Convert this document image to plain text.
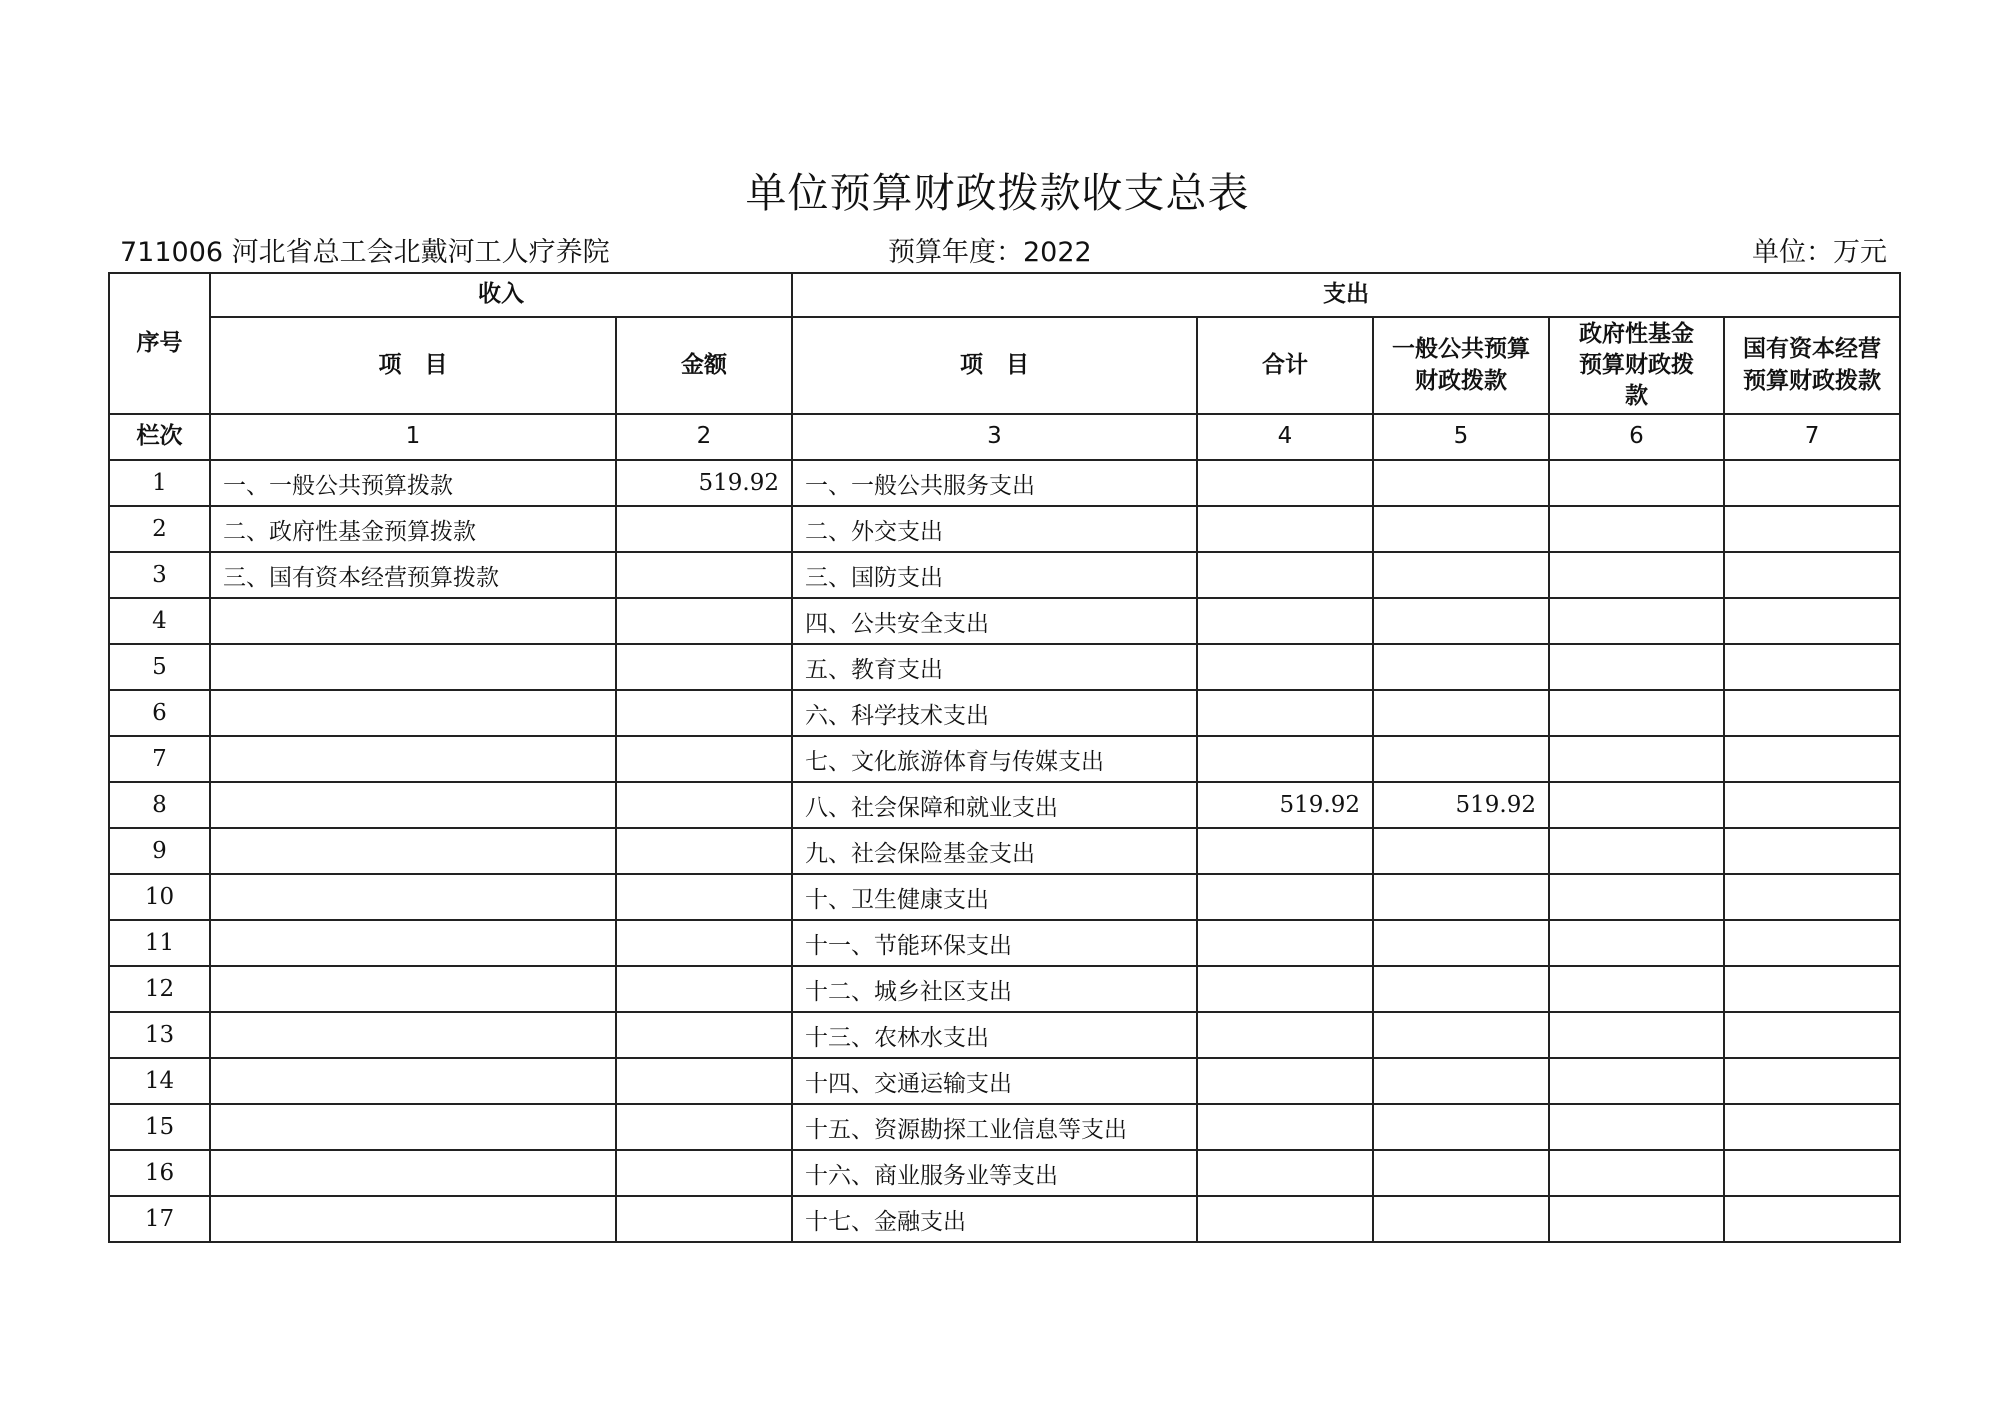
单位预算财政拨款收支总表
711006 河北省总工会北戴河工人疗养院	预算年度：2022	单位：万元
序号	收入		支出				
	项　目	金额	项　目	合计	一般公共预算财政拨款	政府性基金预算财政拨款	国有资本经营预算财政拨款
栏次	1	2	3	4	5	6	7
1	一、一般公共预算拨款	519.92	一、一般公共服务支出				
2	二、政府性基金预算拨款		二、外交支出				
3	三、国有资本经营预算拨款		三、国防支出				
4			四、公共安全支出				
5			五、教育支出				
6			六、科学技术支出				
7			七、文化旅游体育与传媒支出				
8			八、社会保障和就业支出	519.92	519.92		
9			九、社会保险基金支出				
10			十、卫生健康支出				
11			十一、节能环保支出				
12			十二、城乡社区支出				
13			十三、农林水支出				
14			十四、交通运输支出				
15			十五、资源勘探工业信息等支出				
16			十六、商业服务业等支出				
17			十七、金融支出				
